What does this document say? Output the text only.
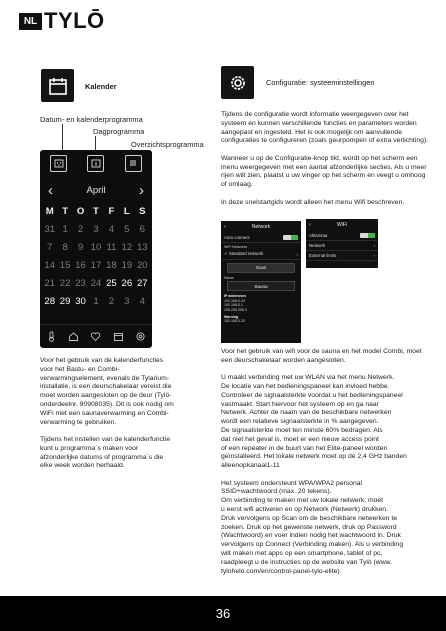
NL TYLŌ
Kalender
Datum- en kalenderprogramma
Dagprogramma
Overzichtsprogramma
‹	April ›
M T O T F L S
31 1	2	3	4	5	6
7	8	9 10 11 12 13
14 15 16 17 18 19 20
21 22 23 24 25 26 27
28 29 30 1	2	3	4

Voor het gebruik van de kalenderfuncties voor het Bastu- en Combi-verwarmingselement, evenals de Tylarium-installatie, is een deurschakelaar vereist die moet worden aangesloten op de deur (Tylö-onderdeelnr. 90908035). Dit is ook nodig om WiFi met een saunaverwarming en Combi-verwarming te gebruiken.

Tijdens het instellen van de kalenderfunctie kunt u programma´s maken voor afzonderlijke datums of programma´s die elke week worden herhaald.

Configuratie: systeeminstellingen

Tijdens de configuratie wordt informatie weergegeven over het systeem en kunnen verschillende functies en parameters worden aangepast en ingesteld. Het is ook mogelijk om aanvullende configuraties te configureren (zoals geurpompen of extra verlichting).

Wanneer u op de Configuratie-knop tikt, wordt op het scherm een menu weergegeven met een aantal afzonderlijke secties. Als u meer rijen wilt zien, plaatst u uw vinger op het scherm en veegt u omhoog of omlaag.

In deze snelstartgids wordt alleen het menu Wifi beschreven.

‹	Network
Auto connect
WiFi Networks
✓ Standard network	›
Scan
Name
Sauna
IP addresses
192.168.0.20
192.168.0.1
255.255.255.0
Warning
192.168.0.20
‹	WiFi
Aktiveraa
Network	›
External limits	›

Voor het gebruik van wifi voor de sauna en het model Combi, moet een deurschakelaar worden aangesloten.

U maakt verbinding met uw WLAN via het menu Netwerk.
De locatie van het bedieningspaneel kan invloed hebbe.
Controleer de signaalsterkte voordat u het bedieningspaneel
vastmaakt. Start hiervoor het systeem op en ga naar
Netwerk. Achter de naam van de beschikbare netwerken
wordt een relatieve signaalsterkte in % aangegeven.
De signaalsterkte moet ten minste 60% bedragen. Als
dat niet het geval is, moet er een nieuw access point
of een repeater in de buurt van het Elite-paneel worden
geïnstalleerd. Het lokale netwerk moet op de 2,4 GHz banden
alleenopkanaal1-11

Het systeem ondersteunt WPA/WPA2 personal
SSID+wachtwoord (max. 20 tekens).
Om verbinding te maken met uw lokale netwerk, moet
u eerst wifi activeren en op Network (Netwerk) drukken.
Druk vervolgens op Scan om de beschikbare netwerken te
zoeken. Druk op het gewenste netwerk, druk op Password
(Wachtwoord) en voer indien nodig het wachtwoord in. Druk
vervolgens op Connect (Verbinding maken). Als u verbinding
wilt maken met apps op een smartphone, tablet of pc,
raadpleegt u de instructies op de website van Tylö (www.
tylohelo.com/en/control-panel-tylo-elite).

36
